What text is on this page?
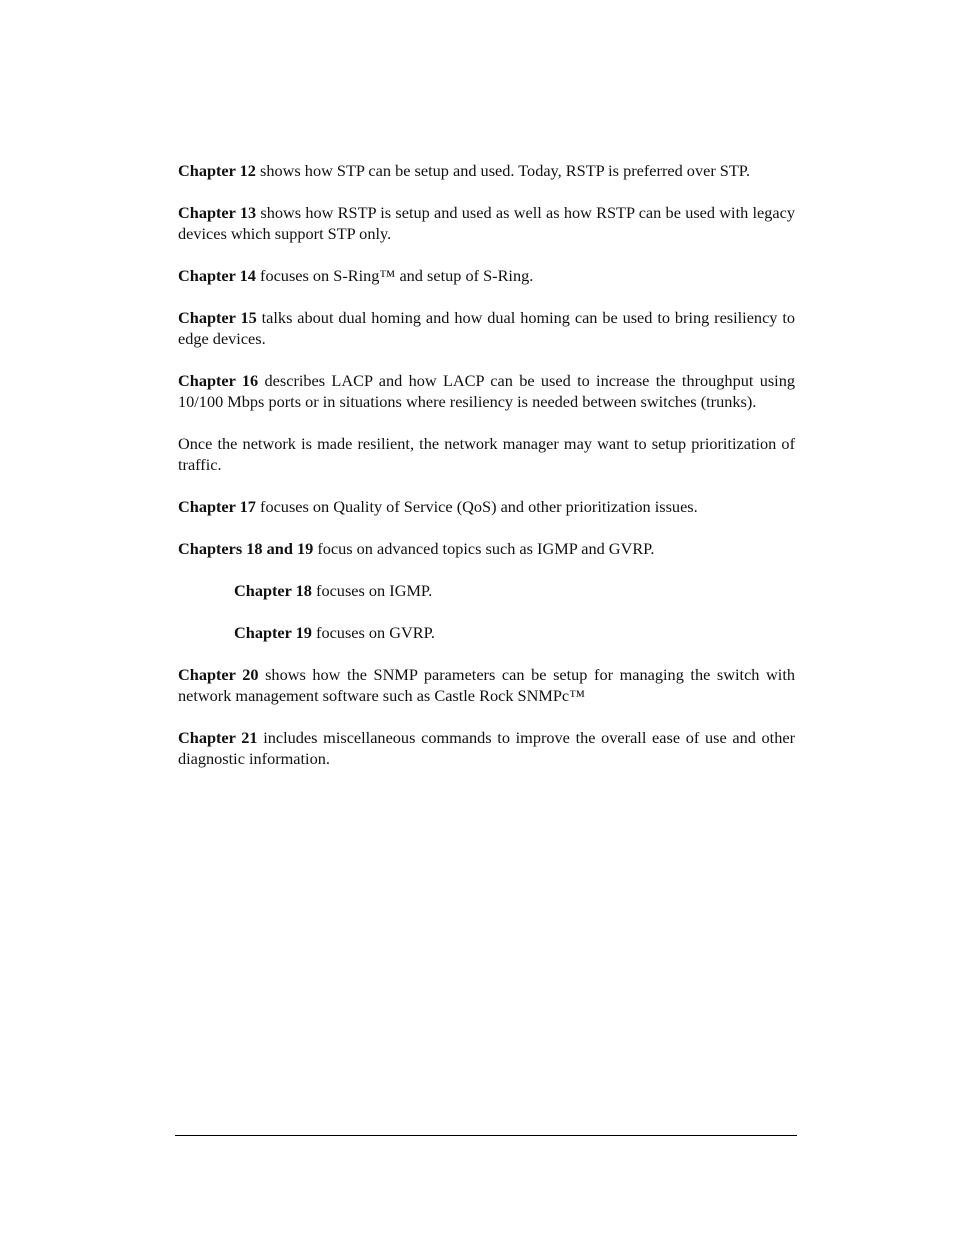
Chapter 12 shows how STP can be setup and used. Today, RSTP is preferred over STP.

Chapter 13 shows how RSTP is setup and used as well as how RSTP can be used with legacy devices which support STP only.

Chapter 14 focuses on S-Ring™ and setup of S-Ring.

Chapter 15 talks about dual homing and how dual homing can be used to bring resiliency to edge devices.

Chapter 16 describes LACP and how LACP can be used to increase the throughput using 10/100 Mbps ports or in situations where resiliency is needed between switches (trunks).

Once the network is made resilient, the network manager may want to setup prioritization of traffic.

Chapter 17 focuses on Quality of Service (QoS) and other prioritization issues.

Chapters 18 and 19 focus on advanced topics such as IGMP and GVRP.

Chapter 18 focuses on IGMP.

Chapter 19 focuses on GVRP.

Chapter 20 shows how the SNMP parameters can be setup for managing the switch with network management software such as Castle Rock SNMPc™

Chapter 21 includes miscellaneous commands to improve the overall ease of use and other diagnostic information.
